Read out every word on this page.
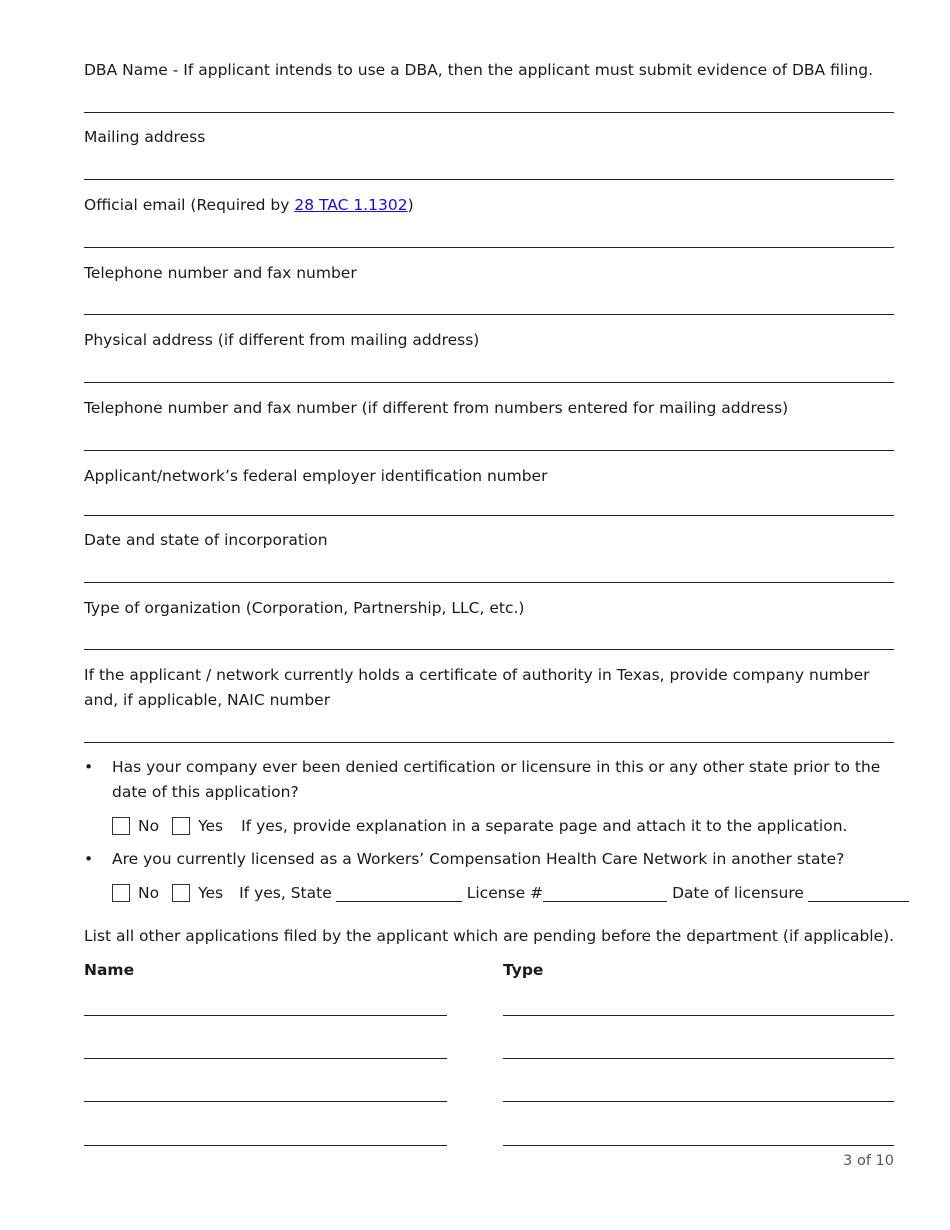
DBA Name - If applicant intends to use a DBA, then the applicant must submit evidence of DBA filing.
Mailing address
Official email (Required by 28 TAC 1.1302)
Telephone number and fax number
Physical address (if different from mailing address)
Telephone number and fax number (if different from numbers entered for mailing address)
Applicant/network’s federal employer identification number
Date and state of incorporation
Type of organization (Corporation, Partnership, LLC, etc.)
If the applicant / network currently holds a certificate of authority in Texas, provide company number and, if applicable, NAIC number
• Has your company ever been denied certification or licensure in this or any other state prior to the date of this application?
No	Yes If yes, provide explanation in a separate page and attach it to the application.
• Are you currently licensed as a Workers’ Compensation Health Care Network in another state?
No	Yes If yes, State	License #	Date of licensure
List all other applications filed by the applicant which are pending before the department (if applicable).
Name	Type
3 of 10
